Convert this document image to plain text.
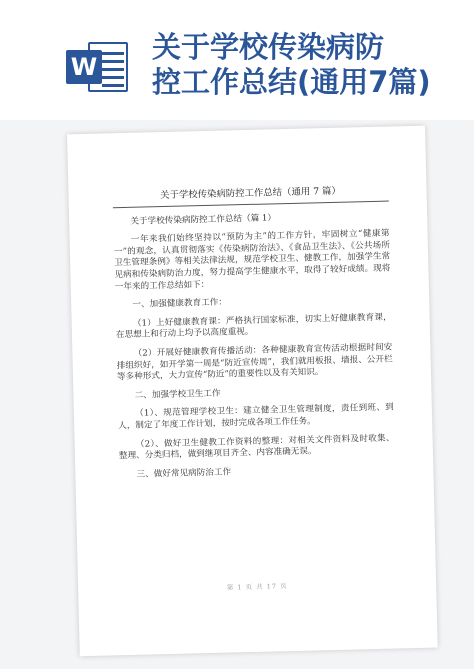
W
关于学校传染病防
控工作总结(通用7篇)
关于学校传染病防控工作总结（通用 7 篇）
关于学校传染病防控工作总结（篇 1）

一年来我们始终坚持以“预防为主”的工作方针，牢固树立“健康第一”的观念，认真贯彻落实《传染病防治法》、《食品卫生法》、《公共场所卫生管理条例》等相关法律法规，规范学校卫生、健教工作，加强学生常见病和传染病防治力度，努力提高学生健康水平，取得了较好成绩。现将一年来的工作总结如下：

一、加强健康教育工作：

（1）上好健康教育课：严格执行国家标准，切实上好健康教育课，在思想上和行动上均予以高度重视。

（2）开展好健康教育传播活动：各种健康教育宣传活动根据时间安排组织好，如开学第一周是“防近宣传周”，我们就用板报、墙报、公开栏等多种形式，大力宣传“防近”的重要性以及有关知识。

二、加强学校卫生工作

（1）、规范管理学校卫生：建立健全卫生管理制度，责任到班、到人，制定了年度工作计划，按时完成各项工作任务。

（2）、做好卫生健教工作资料的整理：对相关文件资料及时收集、整理、分类归档，做到继项目齐全、内容准确无误。

三、做好常见病防治工作

第 1 页 共 17 页
